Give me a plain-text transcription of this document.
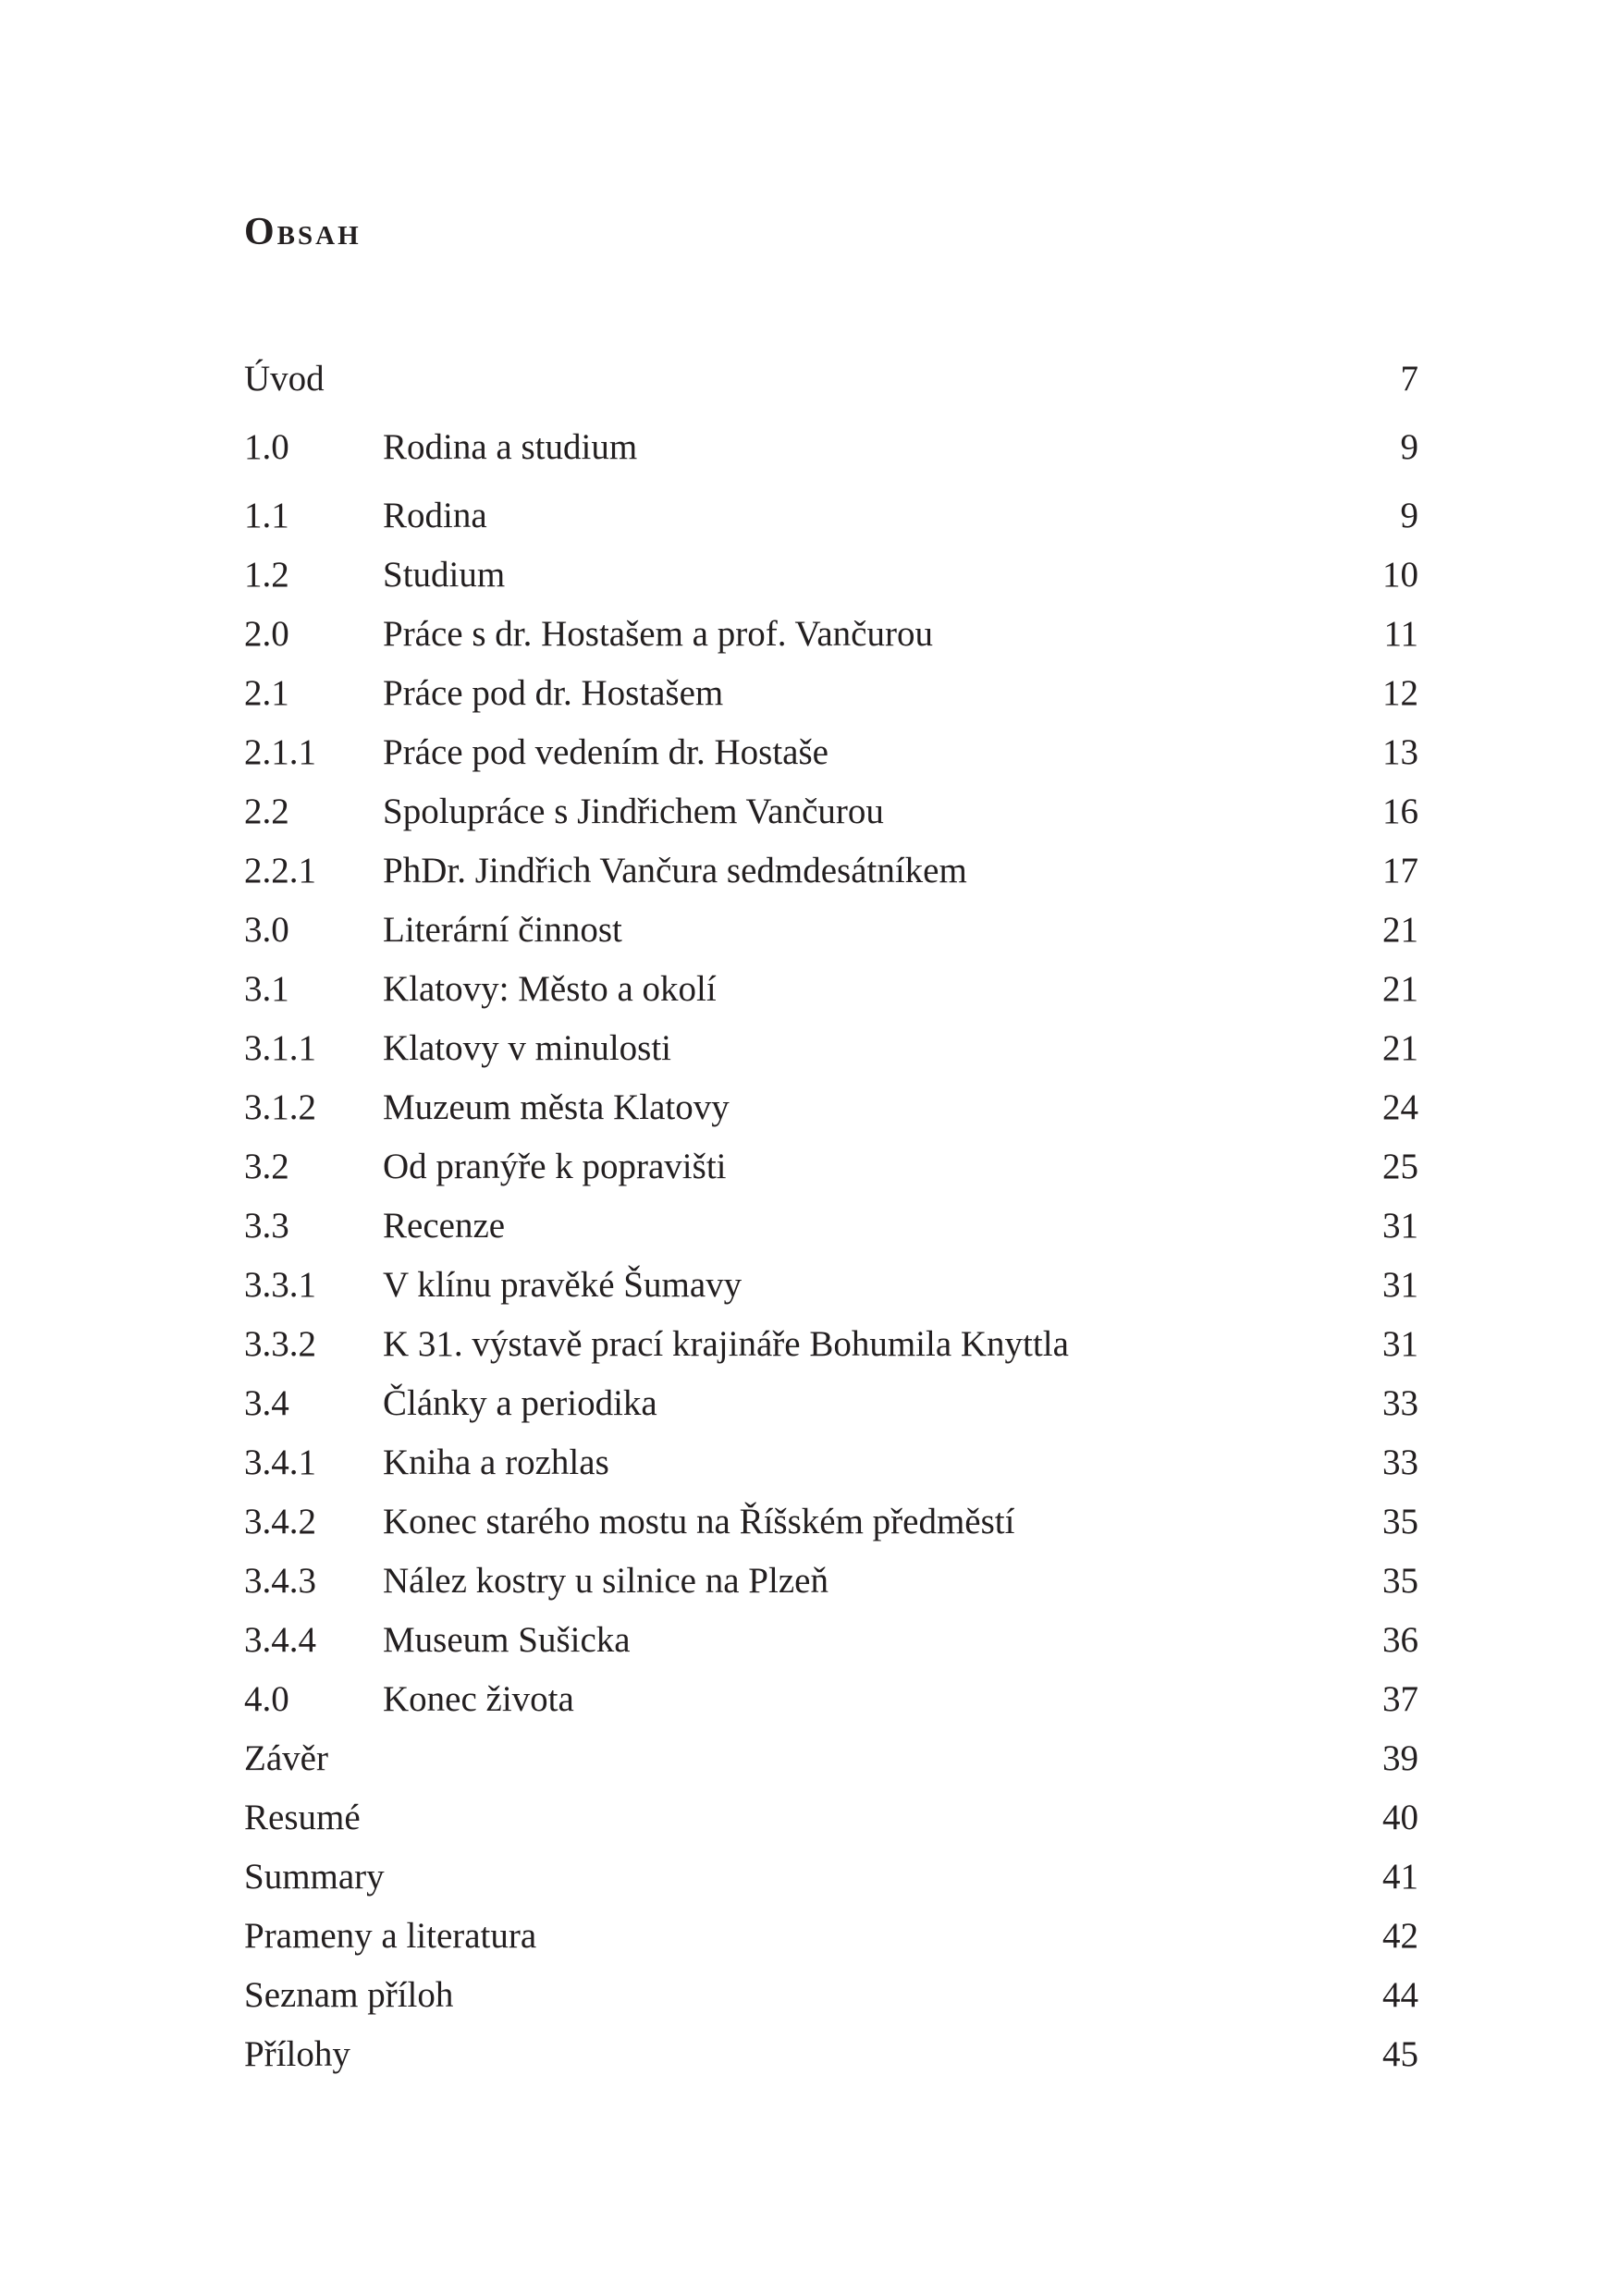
Obsah
Úvod	7
1.0	Rodina a studium	9
1.1	Rodina	9
1.2	Studium	10
2.0	Práce s dr. Hostašem a prof. Vančurou	11
2.1	Práce pod dr. Hostašem	12
2.1.1 Práce pod vedením dr. Hostaše	13
2.2	Spolupráce s Jindřichem Vančurou	16
2.2.1 PhDr. Jindřich Vančura sedmdesátníkem	17
3.0	Literární činnost	21
3.1	Klatovy: Město a okolí	21
3.1.1 Klatovy v minulosti	21
3.1.2 Muzeum města Klatovy	24
3.2	Od pranýře k popravišti	25
3.3	Recenze	31
3.3.1 V klínu pravěké Šumavy	31
3.3.2 K 31. výstavě prací krajináře Bohumila Knyttla	31
3.4	Články a periodika	33
3.4.1 Kniha a rozhlas	33
3.4.2 Konec starého mostu na Říšském předměstí	35
3.4.3 Nález kostry u silnice na Plzeň	35
3.4.4 Museum Sušicka	36
4.0	Konec života	37
Závěr	39
Resumé	40
Summary	41
Prameny a literatura	42
Seznam příloh	44
Přílohy	45
